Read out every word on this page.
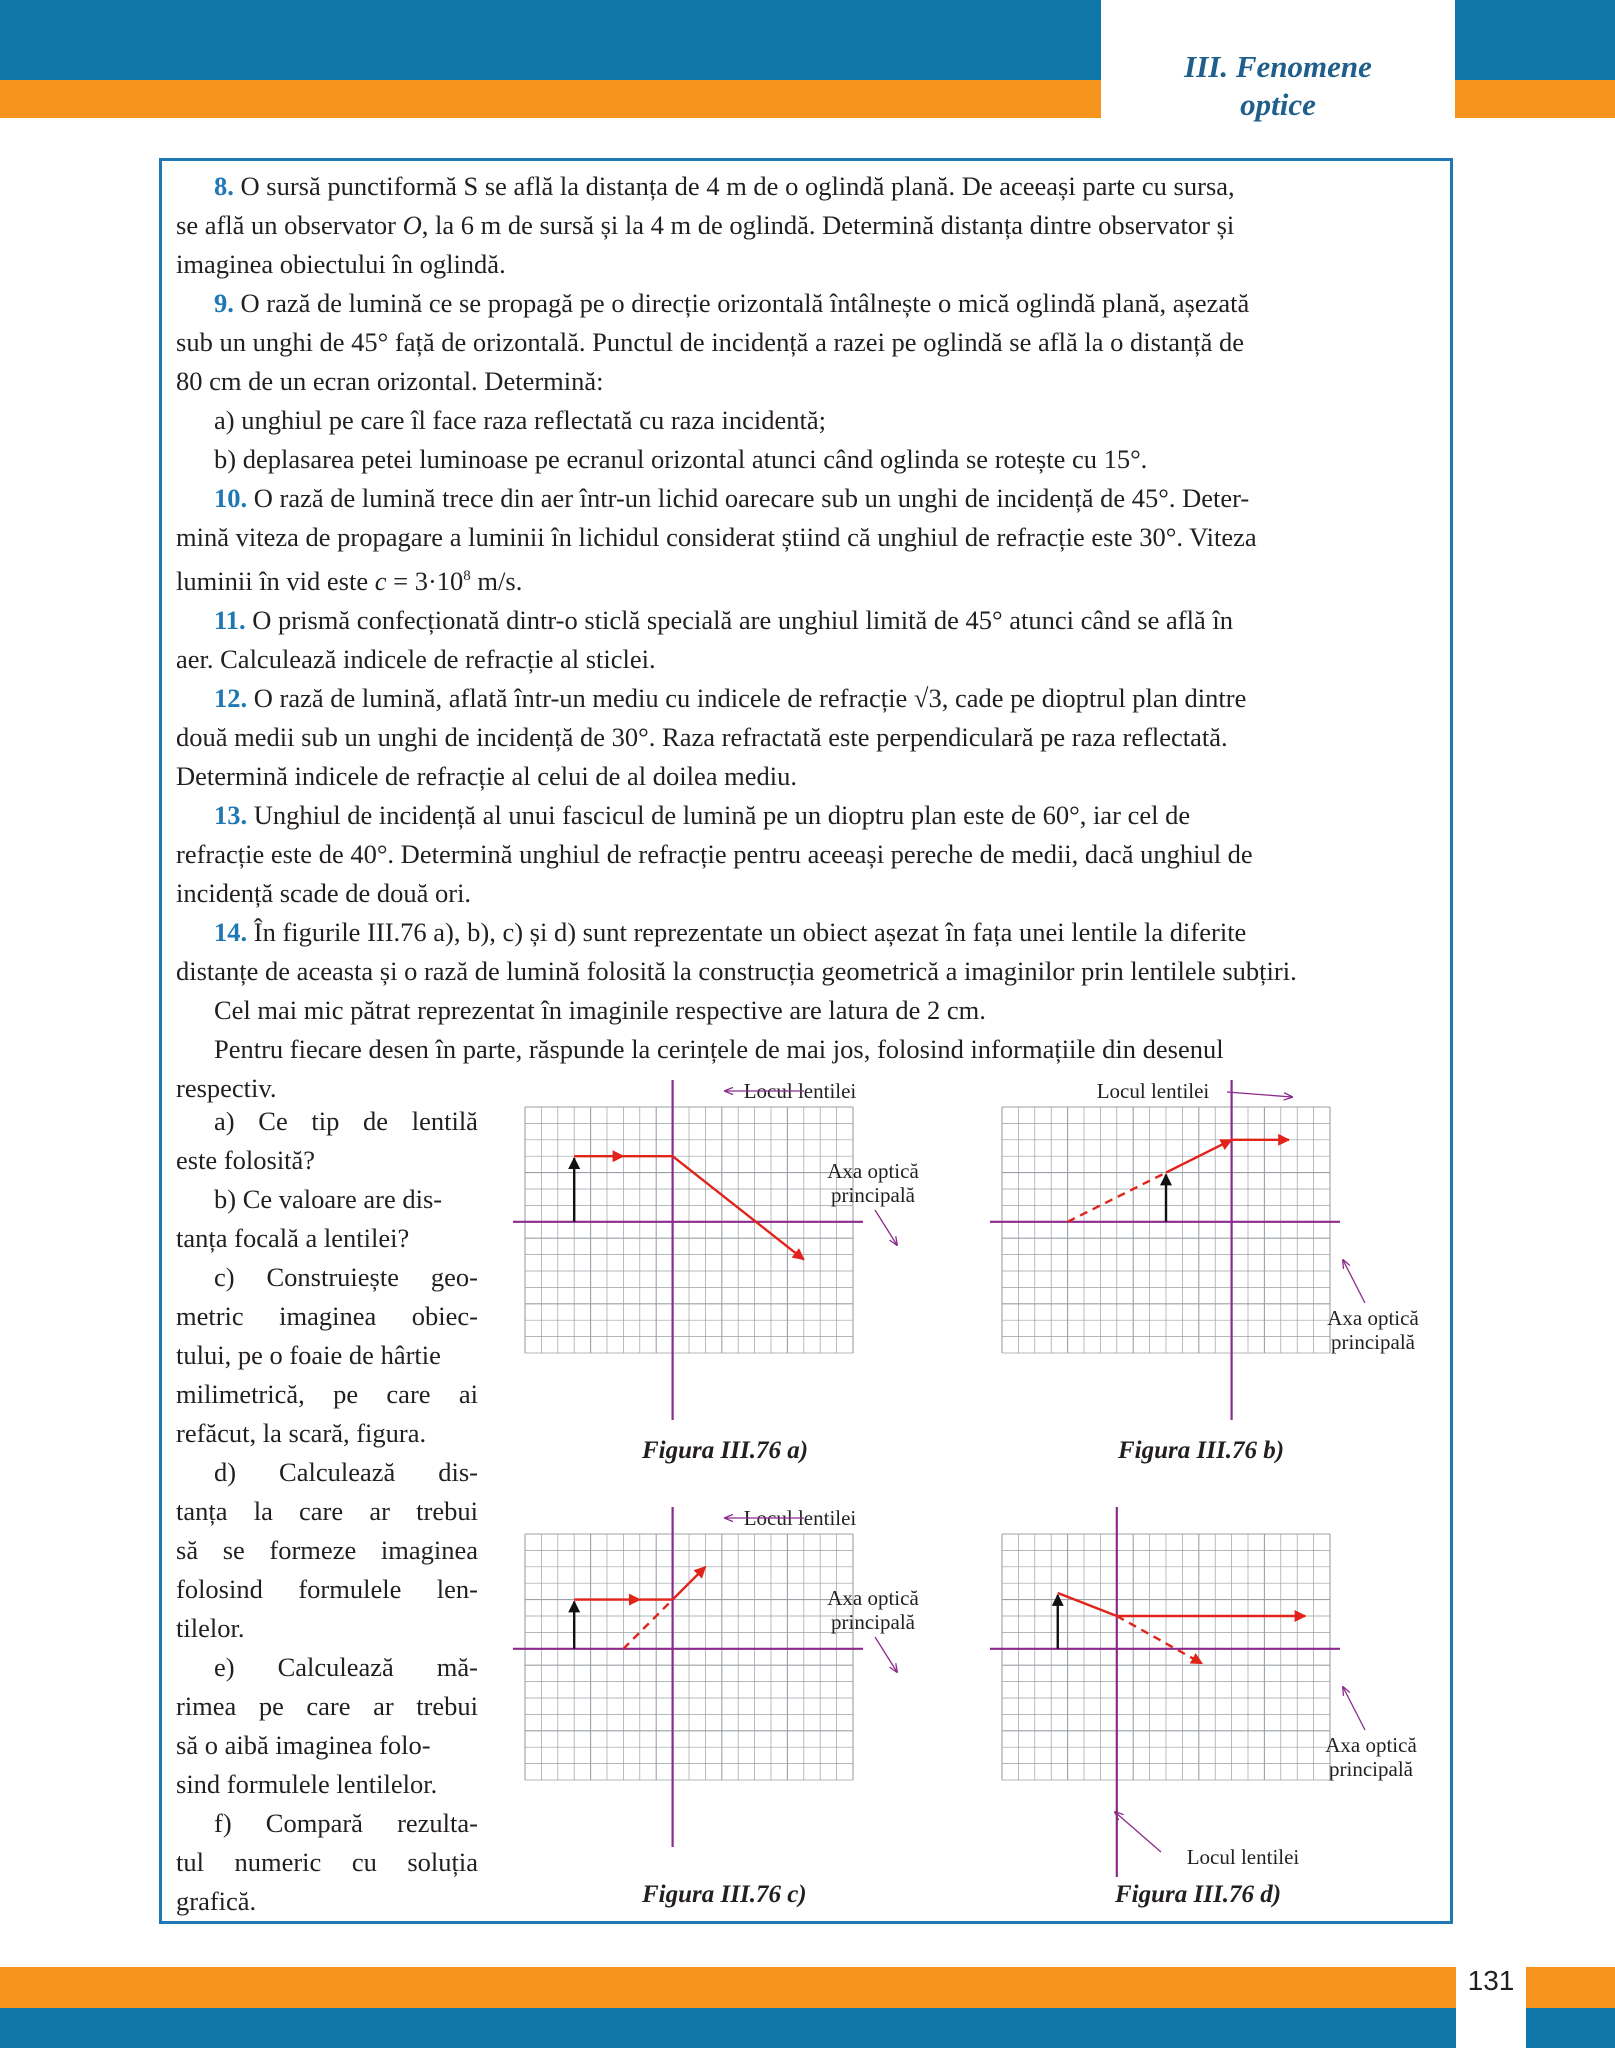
III. Fenomene
optice
8. O sursă punctiformă S se află la distanța de 4 m de o oglindă plană. De aceeași parte cu sursa,
se află un observator O, la 6 m de sursă și la 4 m de oglindă. Determină distanța dintre observator și
imaginea obiectului în oglindă.
9. O rază de lumină ce se propagă pe o direcție orizontală întâlnește o mică oglindă plană, așezată
sub un unghi de 45° față de orizontală. Punctul de incidență a razei pe oglindă se află la o distanță de
80 cm de un ecran orizontal. Determină:
a) unghiul pe care îl face raza reflectată cu raza incidentă;
b) deplasarea petei luminoase pe ecranul orizontal atunci când oglinda se rotește cu 15°.
10. O rază de lumină trece din aer într-un lichid oarecare sub un unghi de incidență de 45°. Deter-
mină viteza de propagare a luminii în lichidul considerat știind că unghiul de refracție este 30°. Viteza
luminii în vid este $c = 3\cdot 10^8$ m/s.
11. O prismă confecționată dintr-o sticlă specială are unghiul limită de 45° atunci când se află în
aer. Calculează indicele de refracție al sticlei.
12. O rază de lumină, aflată într-un mediu cu indicele de refracție √3, cade pe dioptrul plan dintre
două medii sub un unghi de incidență de 30°. Raza refractată este perpendiculară pe raza reflectată.
Determină indicele de refracție al celui de al doilea mediu.
13. Unghiul de incidență al unui fascicul de lumină pe un dioptru plan este de 60°, iar cel de
refracție este de 40°. Determină unghiul de refracție pentru aceeași pereche de medii, dacă unghiul de
incidență scade de două ori.
14. În figurile III.76 a), b), c) și d) sunt reprezentate un obiect așezat în fața unei lentile la diferite
distanțe de aceasta și o rază de lumină folosită la construcția geometrică a imaginilor prin lentilele subțiri.
Cel mai mic pătrat reprezentat în imaginile respective are latura de 2 cm.
Pentru fiecare desen în parte, răspunde la cerințele de mai jos, folosind informațiile din desenul
respectiv.
a) Ce tip de lentilă
este folosită?
b) Ce valoare are dis-
tanța focală a lentilei?
c) Construiește geo-
metric imaginea obiec-
tului, pe o foaie de hârtie
milimetrică, pe care ai
refăcut, la scară, figura.
d) Calculează dis-
tanța la care ar trebui
să se formeze imaginea
folosind formulele len-
tilelor.
e) Calculează mă-
rimea pe care ar trebui
să o aibă imaginea folo-
sind formulele lentilelor.
f) Compară rezulta-
tul numeric cu soluția
grafică.
Locul lentilei
Axa optică
principală
Locul lentilei
Axa optică
principală
Locul lentilei
Axa optică
principală
Locul lentilei
Axa optică
principală
Figura III.76 a)	Figura III.76 b)
Figura III.76 c)	Figura III.76 d)
131
